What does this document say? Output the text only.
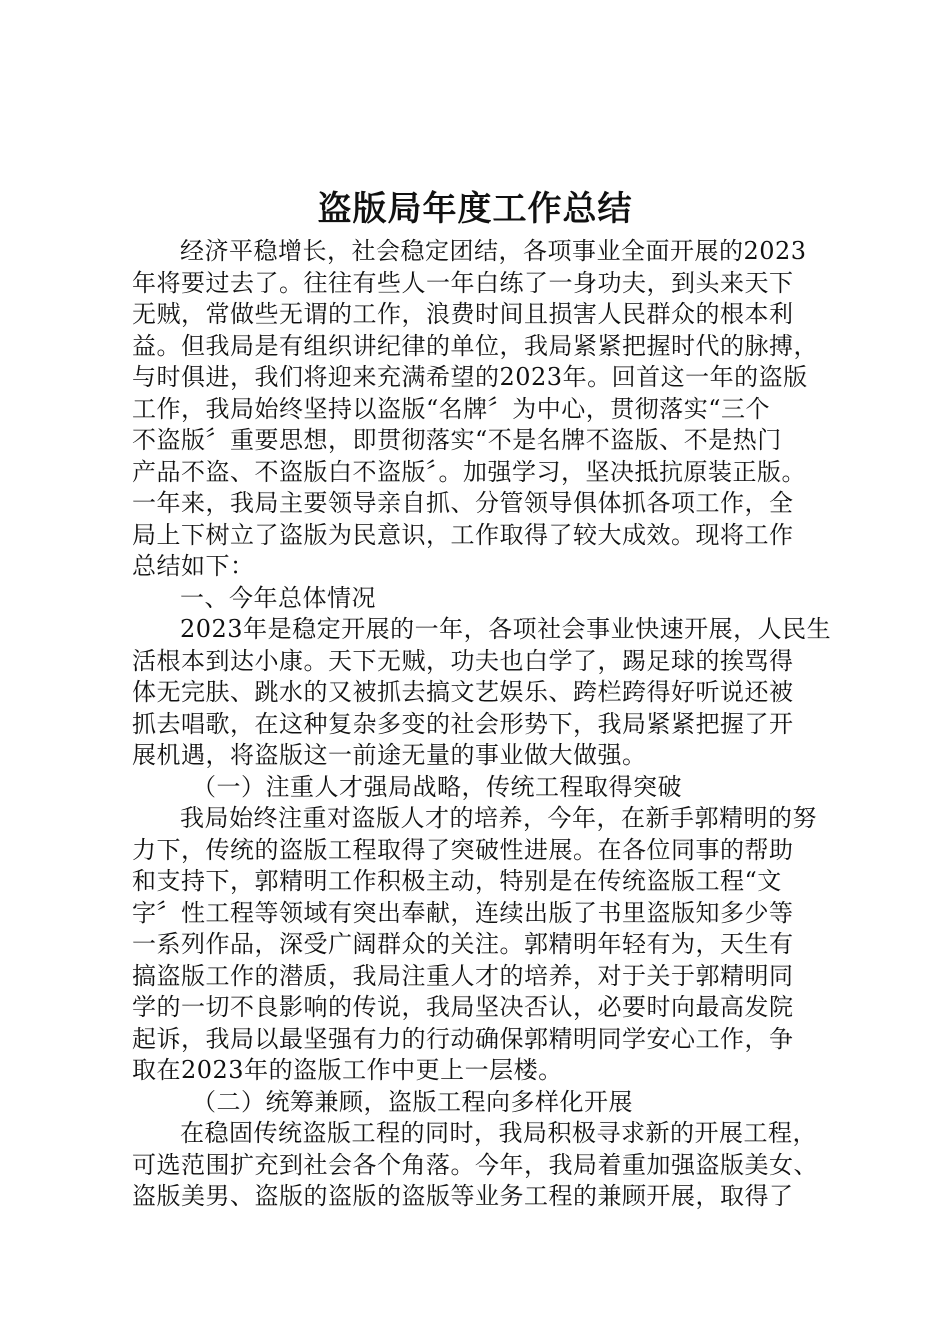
盗版局年度工作总结
经济平稳增长，社会稳定团结，各项事业全面开展的2023
年将要过去了。往往有些人一年白练了一身功夫，到头来天下
无贼，常做些无谓的工作，浪费时间且损害人民群众的根本利
益。但我局是有组织讲纪律的单位，我局紧紧把握时代的脉搏，
与时俱进，我们将迎来充满希望的2023年。回首这一年的盗版
工作，我局始终坚持以盗版“名牌〞为中心，贯彻落实“三个
不盗版〞重要思想，即贯彻落实“不是名牌不盗版、不是热门
产品不盗、不盗版白不盗版〞。加强学习，坚决抵抗原装正版。
一年来，我局主要领导亲自抓、分管领导俱体抓各项工作，全
局上下树立了盗版为民意识，工作取得了较大成效。现将工作
总结如下：
一、今年总体情况
2023年是稳定开展的一年，各项社会事业快速开展，人民生
活根本到达小康。天下无贼，功夫也白学了，踢足球的挨骂得
体无完肤、跳水的又被抓去搞文艺娱乐、跨栏跨得好听说还被
抓去唱歌，在这种复杂多变的社会形势下，我局紧紧把握了开
展机遇，将盗版这一前途无量的事业做大做强。
（一）注重人才强局战略，传统工程取得突破
我局始终注重对盗版人才的培养，今年，在新手郭精明的努
力下，传统的盗版工程取得了突破性进展。在各位同事的帮助
和支持下，郭精明工作积极主动，特别是在传统盗版工程“文
字〞性工程等领域有突出奉献，连续出版了书里盗版知多少等
一系列作品，深受广阔群众的关注。郭精明年轻有为，天生有
搞盗版工作的潜质，我局注重人才的培养，对于关于郭精明同
学的一切不良影响的传说，我局坚决否认，必要时向最高发院
起诉，我局以最坚强有力的行动确保郭精明同学安心工作，争
取在2023年的盗版工作中更上一层楼。
（二）统筹兼顾，盗版工程向多样化开展
在稳固传统盗版工程的同时，我局积极寻求新的开展工程，
可选范围扩充到社会各个角落。今年，我局着重加强盗版美女、
盗版美男、盗版的盗版的盗版等业务工程的兼顾开展，取得了
